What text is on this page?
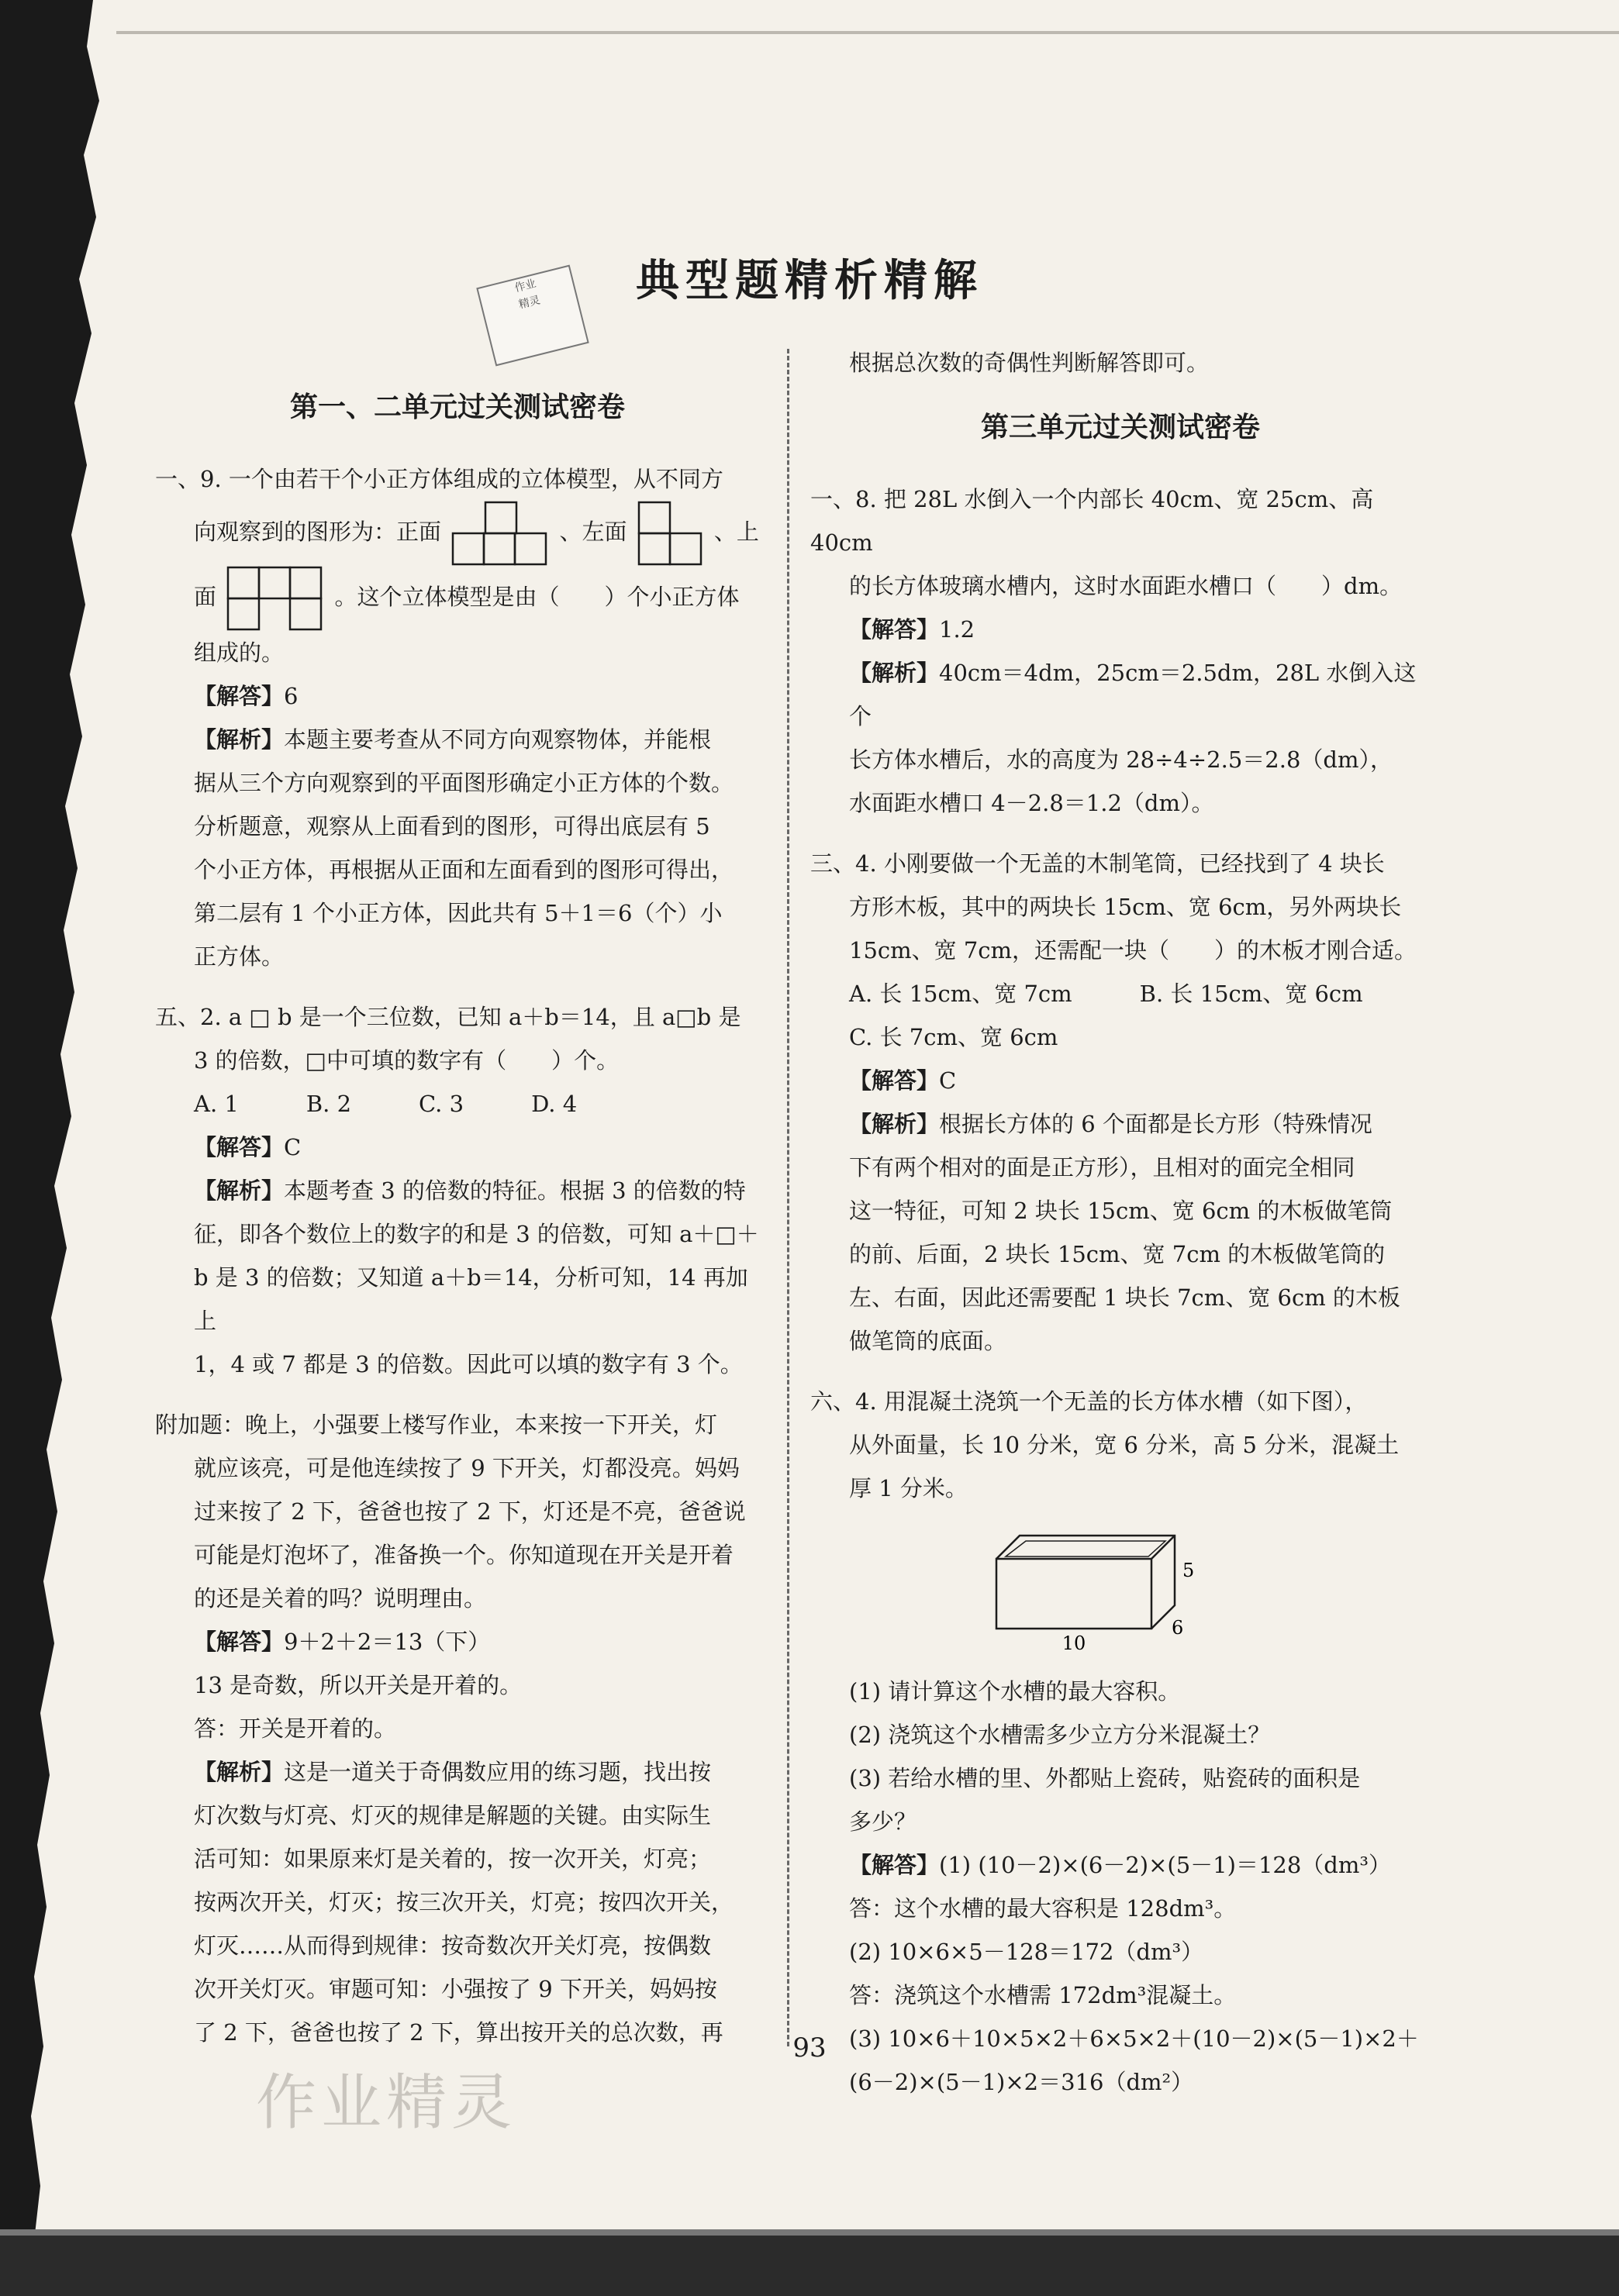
作业
精灵	典型题精析精解
第一、二单元过关测试密卷

一、9. 一个由若干个小正方体组成的立体模型，从不同方

向观察到的图形为：正面	、左面	、上

面	。这个立体模型是由（　　）个小正方体

组成的。

【解答】6

【解析】本题主要考查从不同方向观察物体，并能根

据从三个方向观察到的平面图形确定小正方体的个数。

分析题意，观察从上面看到的图形，可得出底层有 5

个小正方体，再根据从正面和左面看到的图形可得出，

第二层有 1 个小正方体，因此共有 5＋1＝6（个）小

正方体。

五、2. a □ b 是一个三位数，已知 a＋b＝14，且 a□b 是

3 的倍数，□中可填的数字有（　　）个。

A. 1　　　B. 2　　　C. 3　　　D. 4

【解答】C

【解析】本题考查 3 的倍数的特征。根据 3 的倍数的特

征，即各个数位上的数字的和是 3 的倍数，可知 a＋□＋

b 是 3 的倍数；又知道 a＋b＝14，分析可知，14 再加上

1，4 或 7 都是 3 的倍数。因此可以填的数字有 3 个。

附加题：晚上，小强要上楼写作业，本来按一下开关，灯

就应该亮，可是他连续按了 9 下开关，灯都没亮。妈妈

过来按了 2 下，爸爸也按了 2 下，灯还是不亮，爸爸说

可能是灯泡坏了，准备换一个。你知道现在开关是开着

的还是关着的吗？说明理由。

【解答】9＋2＋2＝13（下）

13 是奇数，所以开关是开着的。

答：开关是开着的。

【解析】这是一道关于奇偶数应用的练习题，找出按

灯次数与灯亮、灯灭的规律是解题的关键。由实际生

活可知：如果原来灯是关着的，按一次开关，灯亮；

按两次开关，灯灭；按三次开关，灯亮；按四次开关，

灯灭……从而得到规律：按奇数次开关灯亮，按偶数

次开关灯灭。审题可知：小强按了 9 下开关，妈妈按

了 2 下，爸爸也按了 2 下，算出按开关的总次数，再

根据总次数的奇偶性判断解答即可。

第三单元过关测试密卷

一、8. 把 28L 水倒入一个内部长 40cm、宽 25cm、高 40cm

的长方体玻璃水槽内，这时水面距水槽口（　　）dm。

【解答】1.2

【解析】40cm＝4dm，25cm＝2.5dm，28L 水倒入这个

长方体水槽后，水的高度为 28÷4÷2.5＝2.8（dm），

水面距水槽口 4－2.8＝1.2（dm）。

三、4. 小刚要做一个无盖的木制笔筒，已经找到了 4 块长

方形木板，其中的两块长 15cm、宽 6cm，另外两块长

15cm、宽 7cm，还需配一块（　　）的木板才刚合适。

A. 长 15cm、宽 7cm　　　B. 长 15cm、宽 6cm

C. 长 7cm、宽 6cm

【解答】C

【解析】根据长方体的 6 个面都是长方形（特殊情况

下有两个相对的面是正方形），且相对的面完全相同

这一特征，可知 2 块长 15cm、宽 6cm 的木板做笔筒

的前、后面，2 块长 15cm、宽 7cm 的木板做笔筒的

左、右面，因此还需要配 1 块长 7cm、宽 6cm 的木板

做笔筒的底面。

六、4. 用混凝土浇筑一个无盖的长方体水槽（如下图），

从外面量，长 10 分米，宽 6 分米，高 5 分米，混凝土

厚 1 分米。

10
6
5

(1) 请计算这个水槽的最大容积。

(2) 浇筑这个水槽需多少立方分米混凝土？

(3) 若给水槽的里、外都贴上瓷砖，贴瓷砖的面积是

多少？

【解答】(1) (10－2)×(6－2)×(5－1)＝128（dm³）

答：这个水槽的最大容积是 128dm³。

(2) 10×6×5－128＝172（dm³）

答：浇筑这个水槽需 172dm³混凝土。

(3) 10×6＋10×5×2＋6×5×2＋(10－2)×(5－1)×2＋

(6－2)×(5－1)×2＝316（dm²）

93
作业精灵
